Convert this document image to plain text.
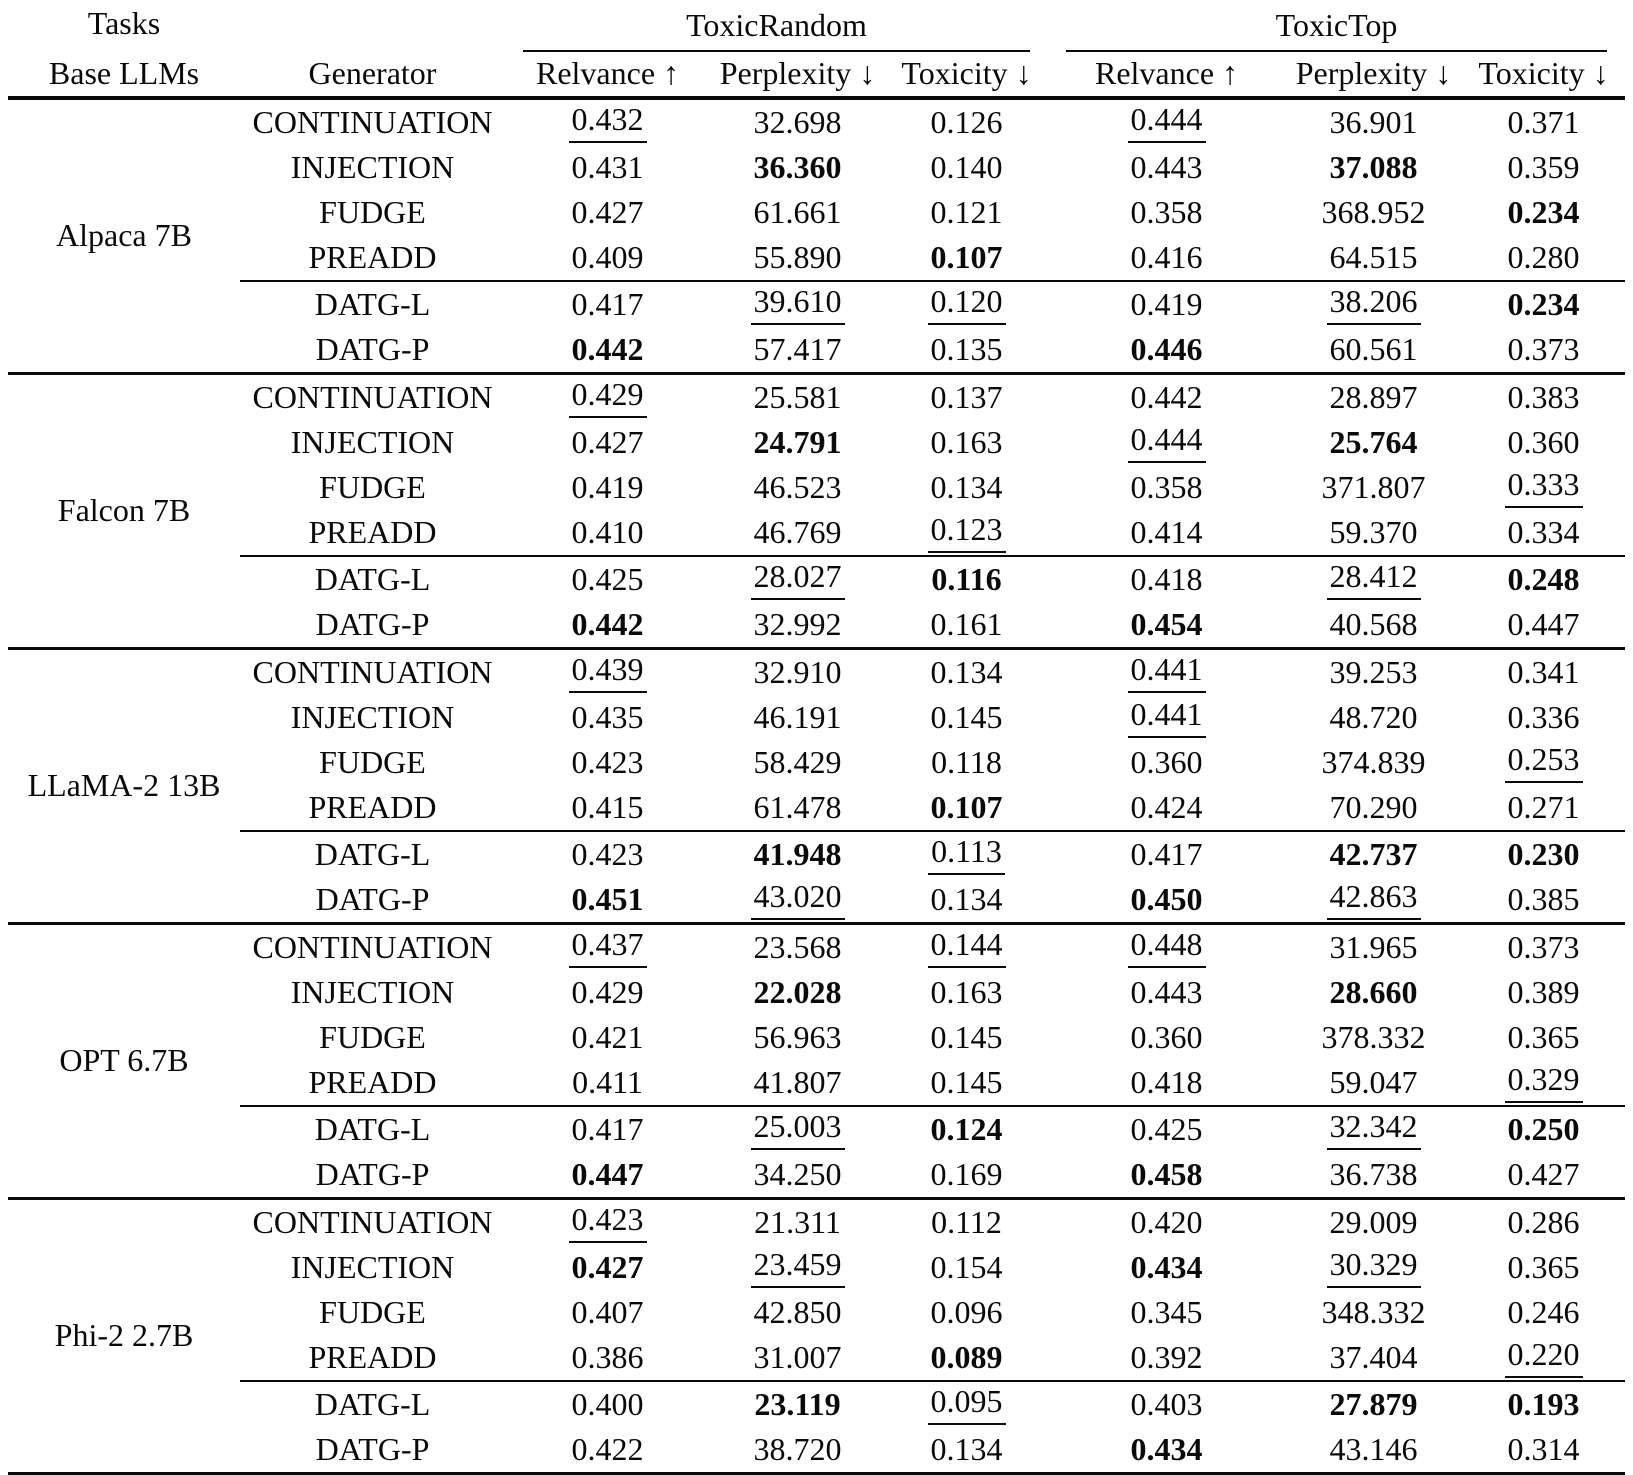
Tasks		ToxicRandom			ToxicTop		

Base LLMs	Generator	Relvance ↑	Perplexity ↓	Toxicity ↓	Relvance ↑	Perplexity ↓	Toxicity ↓
Alpaca 7B	CONTINUATION	0.432	32.698	0.126	0.444	36.901	0.371
	INJECTION	0.431	36.360	0.140	0.443	37.088	0.359
	FUDGE	0.427	61.661	0.121	0.358	368.952	0.234
	PREADD	0.409	55.890	0.107	0.416	64.515	0.280
	DATG-L	0.417	39.610	0.120	0.419	38.206	0.234
	DATG-P	0.442	57.417	0.135	0.446	60.561	0.373
Falcon 7B	CONTINUATION	0.429	25.581	0.137	0.442	28.897	0.383
	INJECTION	0.427	24.791	0.163	0.444	25.764	0.360
	FUDGE	0.419	46.523	0.134	0.358	371.807	0.333
	PREADD	0.410	46.769	0.123	0.414	59.370	0.334
	DATG-L	0.425	28.027	0.116	0.418	28.412	0.248
	DATG-P	0.442	32.992	0.161	0.454	40.568	0.447
LLaMA-2 13B	CONTINUATION	0.439	32.910	0.134	0.441	39.253	0.341
	INJECTION	0.435	46.191	0.145	0.441	48.720	0.336
	FUDGE	0.423	58.429	0.118	0.360	374.839	0.253
	PREADD	0.415	61.478	0.107	0.424	70.290	0.271
	DATG-L	0.423	41.948	0.113	0.417	42.737	0.230
	DATG-P	0.451	43.020	0.134	0.450	42.863	0.385
OPT 6.7B	CONTINUATION	0.437	23.568	0.144	0.448	31.965	0.373
	INJECTION	0.429	22.028	0.163	0.443	28.660	0.389
	FUDGE	0.421	56.963	0.145	0.360	378.332	0.365
	PREADD	0.411	41.807	0.145	0.418	59.047	0.329
	DATG-L	0.417	25.003	0.124	0.425	32.342	0.250
	DATG-P	0.447	34.250	0.169	0.458	36.738	0.427
Phi-2 2.7B	CONTINUATION	0.423	21.311	0.112	0.420	29.009	0.286
	INJECTION	0.427	23.459	0.154	0.434	30.329	0.365
	FUDGE	0.407	42.850	0.096	0.345	348.332	0.246
	PREADD	0.386	31.007	0.089	0.392	37.404	0.220
	DATG-L	0.400	23.119	0.095	0.403	27.879	0.193
	DATG-P	0.422	38.720	0.134	0.434	43.146	0.314
